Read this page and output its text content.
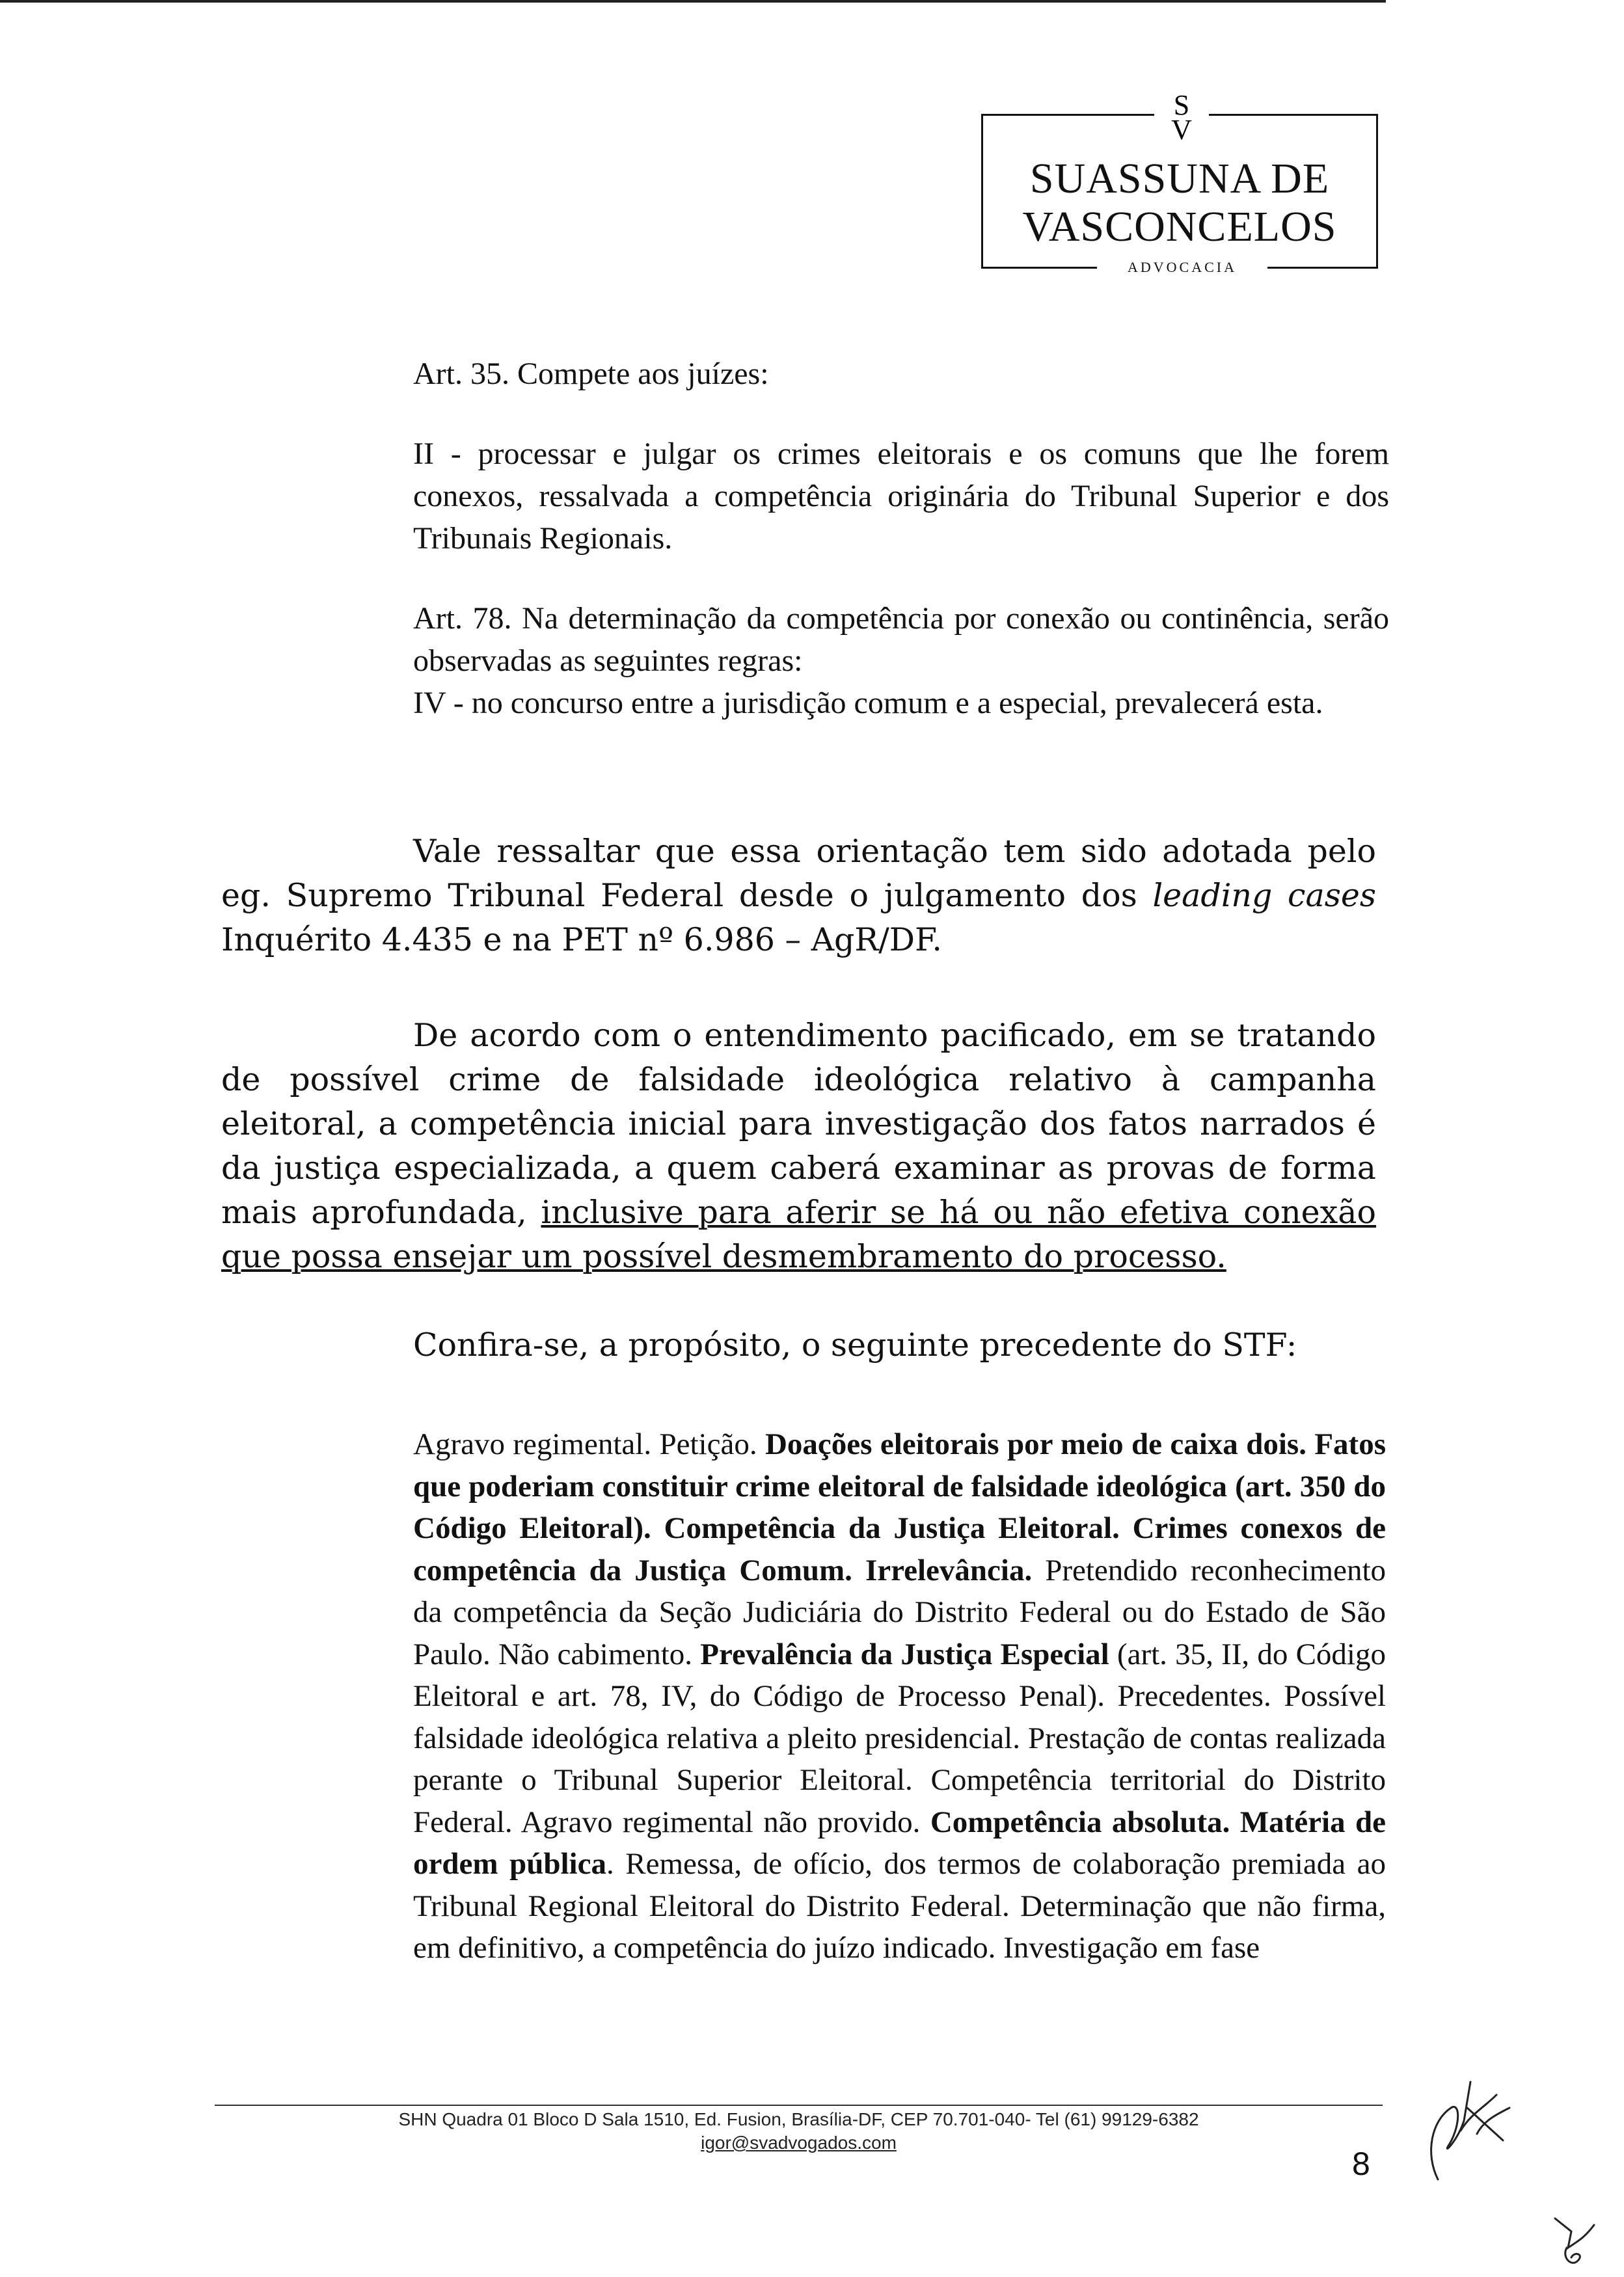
S
V
SUASSUNA DE
VASCONCELOS
ADVOCACIA

Art. 35. Compete aos juízes:

II - processar e julgar os crimes eleitorais e os comuns que lhe forem conexos, ressalvada a competência originária do Tribunal Superior e dos Tribunais Regionais.

Art. 78. Na determinação da competência por conexão ou continência, serão observadas as seguintes regras:

IV - no concurso entre a jurisdição comum e a especial, prevalecerá esta.

Vale ressaltar que essa orientação tem sido adotada pelo eg. Supremo Tribunal Federal desde o julgamento dos leading cases Inquérito 4.435 e na PET nº 6.986 – AgR/DF.

De acordo com o entendimento pacificado, em se tratando de possível crime de falsidade ideológica relativo à campanha eleitoral, a competência inicial para investigação dos fatos narrados é da justiça especializada, a quem caberá examinar as provas de forma mais aprofundada, inclusive para aferir se há ou não efetiva conexão que possa ensejar um possível desmembramento do processo.

Confira-se, a propósito, o seguinte precedente do STF:

Agravo regimental. Petição. Doações eleitorais por meio de caixa dois. Fatos que poderiam constituir crime eleitoral de falsidade ideológica (art. 350 do Código Eleitoral). Competência da Justiça Eleitoral. Crimes conexos de competência da Justiça Comum. Irrelevância. Pretendido reconhecimento da competência da Seção Judiciária do Distrito Federal ou do Estado de São Paulo. Não cabimento. Prevalência da Justiça Especial (art. 35, II, do Código Eleitoral e art. 78, IV, do Código de Processo Penal). Precedentes. Possível falsidade ideológica relativa a pleito presidencial. Prestação de contas realizada perante o Tribunal Superior Eleitoral. Competência territorial do Distrito Federal. Agravo regimental não provido. Competência absoluta. Matéria de ordem pública. Remessa, de ofício, dos termos de colaboração premiada ao Tribunal Regional Eleitoral do Distrito Federal. Determinação que não firma, em definitivo, a competência do juízo indicado. Investigação em fase
SHN Quadra 01 Bloco D Sala 1510, Ed. Fusion, Brasília-DF, CEP 70.701-040- Tel (61) 99129-6382
igor@svadvogados.com
8
